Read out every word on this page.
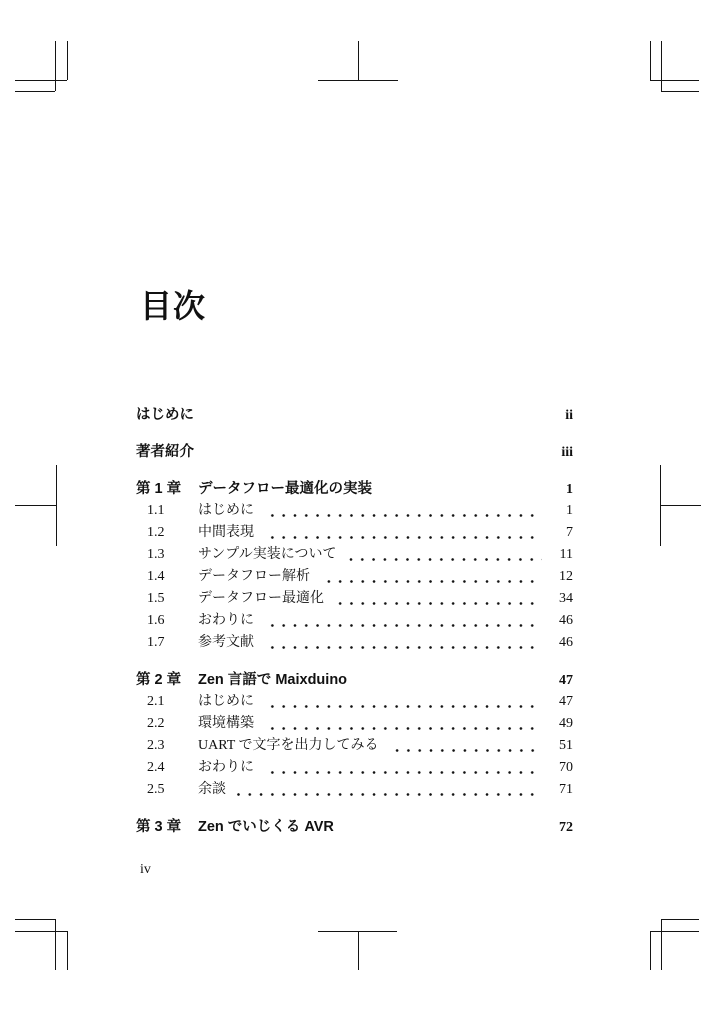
目次
はじめに	ii
著者紹介	iii
第 1 章	データフロー最適化の実装	1
1.1	はじめに	1
1.2	中間表現	7
1.3	サンプル実装について	11
1.4	データフロー解析	12
1.5	データフロー最適化	34
1.6	おわりに	46
1.7	参考文献	46
第 2 章	Zen 言語で Maixduino	47
2.1	はじめに	47
2.2	環境構築	49
2.3	UART で文字を出力してみる	51
2.4	おわりに	70
2.5	余談	71
第 3 章	Zen でいじくる AVR	72
iv
